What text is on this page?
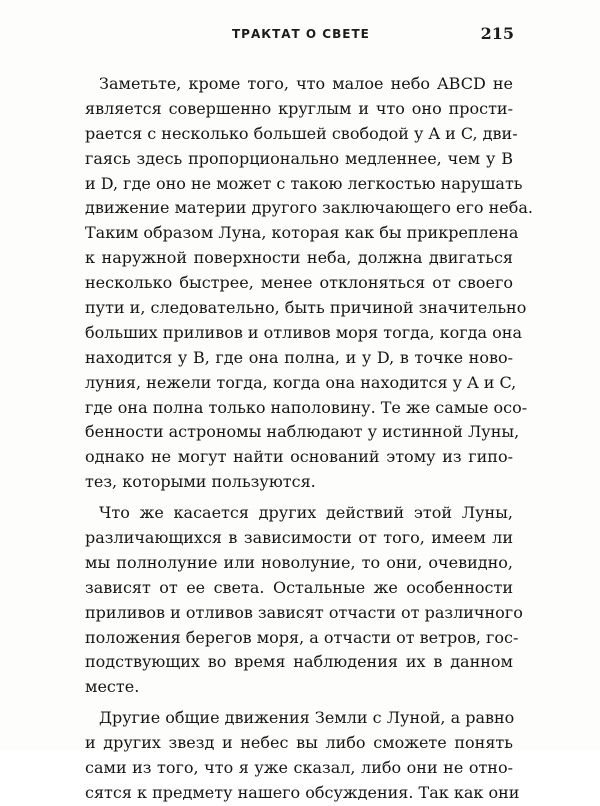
ТРАКТАТ О СВЕТЕ	215
Заметьте, кроме того, что малое небо ABCD не
является совершенно круглым и что оно прости-
рается с несколько большей свободой у A и C, дви-
гаясь здесь пропорционально медленнее, чем у B
и D, где оно не может с такою легкостью нарушать
движение материи другого заключающего его неба.
Таким образом Луна, которая как бы прикреплена
к наружной поверхности неба, должна двигаться
несколько быстрее, менее отклоняться от своего
пути и, следовательно, быть причиной значительно
больших приливов и отливов моря тогда, когда она
находится у B, где она полна, и у D, в точке ново-
луния, нежели тогда, когда она находится у A и C,
где она полна только наполовину. Те же самые осо-
бенности астрономы наблюдают у истинной Луны,
однако не могут найти оснований этому из гипо-
тез, которыми пользуются.
Что же касается других действий этой Луны,
различающихся в зависимости от того, имеем ли
мы полнолуние или новолуние, то они, очевидно,
зависят от ее света. Остальные же особенности
приливов и отливов зависят отчасти от различного
положения берегов моря, а отчасти от ветров, гос-
подствующих во время наблюдения их в данном
месте.
Другие общие движения Земли с Луной, а равно
и других звезд и небес вы либо сможете понять
сами из того, что я уже сказал, либо они не отно-
сятся к предмету нашего обсуждения. Так как они
